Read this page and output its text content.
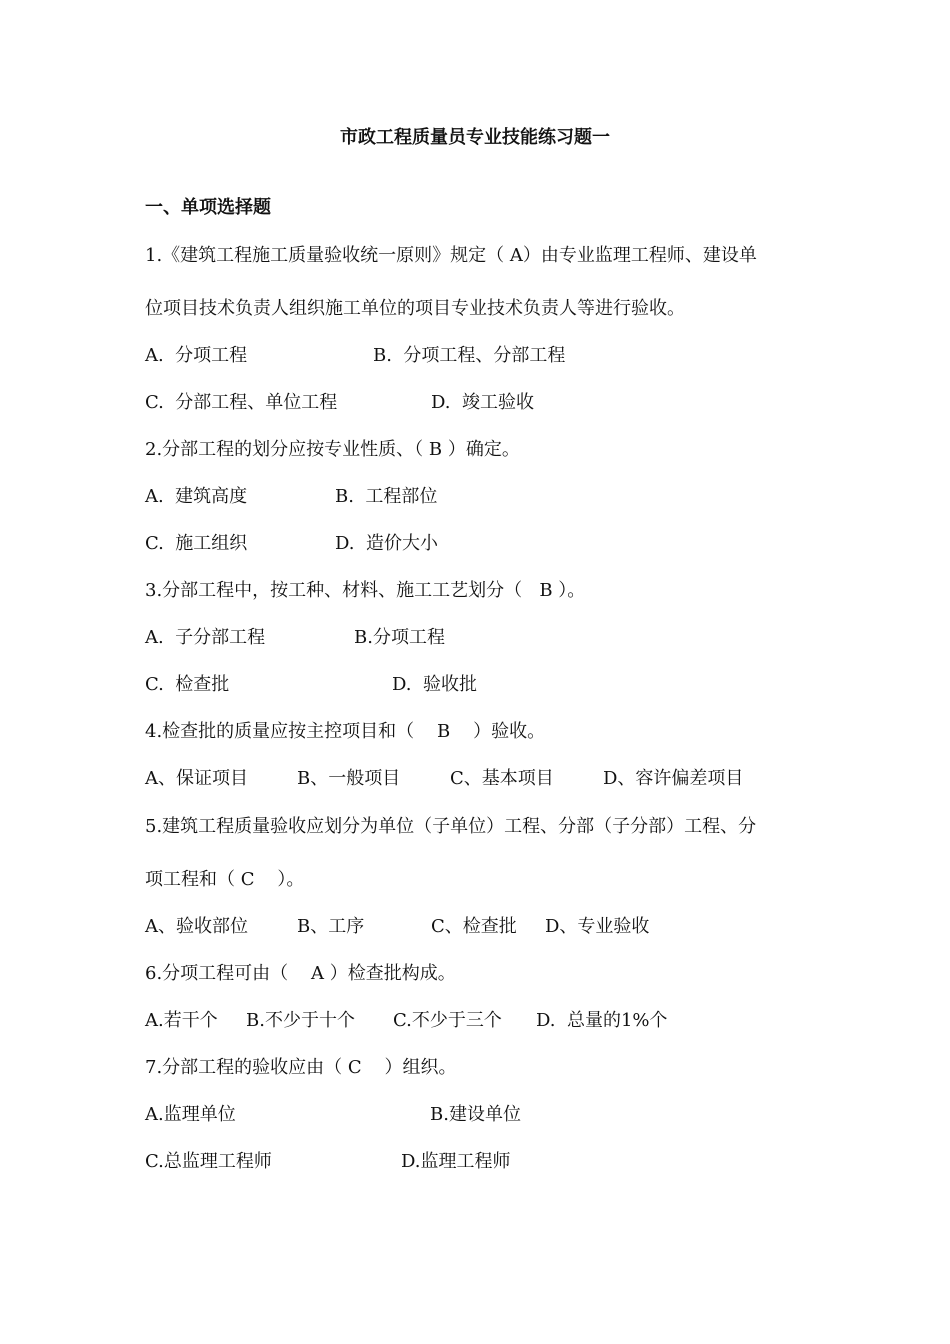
市政工程质量员专业技能练习题一
一、单项选择题

1.《建筑工程施工质量验收统一原则》规定（ A）由专业监理工程师、建设单

位项目技术负责人组织施工单位的项目专业技术负责人等进行验收。

A.  分项工程	B.  分项工程、分部工程
C.  分部工程、单位工程	D.  竣工验收

2.分部工程的划分应按专业性质、（ B ）确定。

A.  建筑高度	B.  工程部位
C.  施工组织	D.  造价大小

3.分部工程中，按工种、材料、施工工艺划分（   B ）。

A.  子分部工程	B.分项工程
C.  检查批	D.  验收批

4.检查批的质量应按主控项目和（    B    ）验收。

A、保证项目	B、一般项目	C、基本项目	D、容许偏差项目

5.建筑工程质量验收应划分为单位（子单位）工程、分部（子分部）工程、分

项工程和（ C    ）。

A、验收部位	B、工序	C、检查批 D、专业验收

6.分项工程可由（    A ）检查批构成。

A.若干个 B.不少于十个 C.不少于三个 D.  总量的1%个

7.分部工程的验收应由（ C    ）组织。

A.监理单位	B.建设单位
C.总监理工程师	D.监理工程师
